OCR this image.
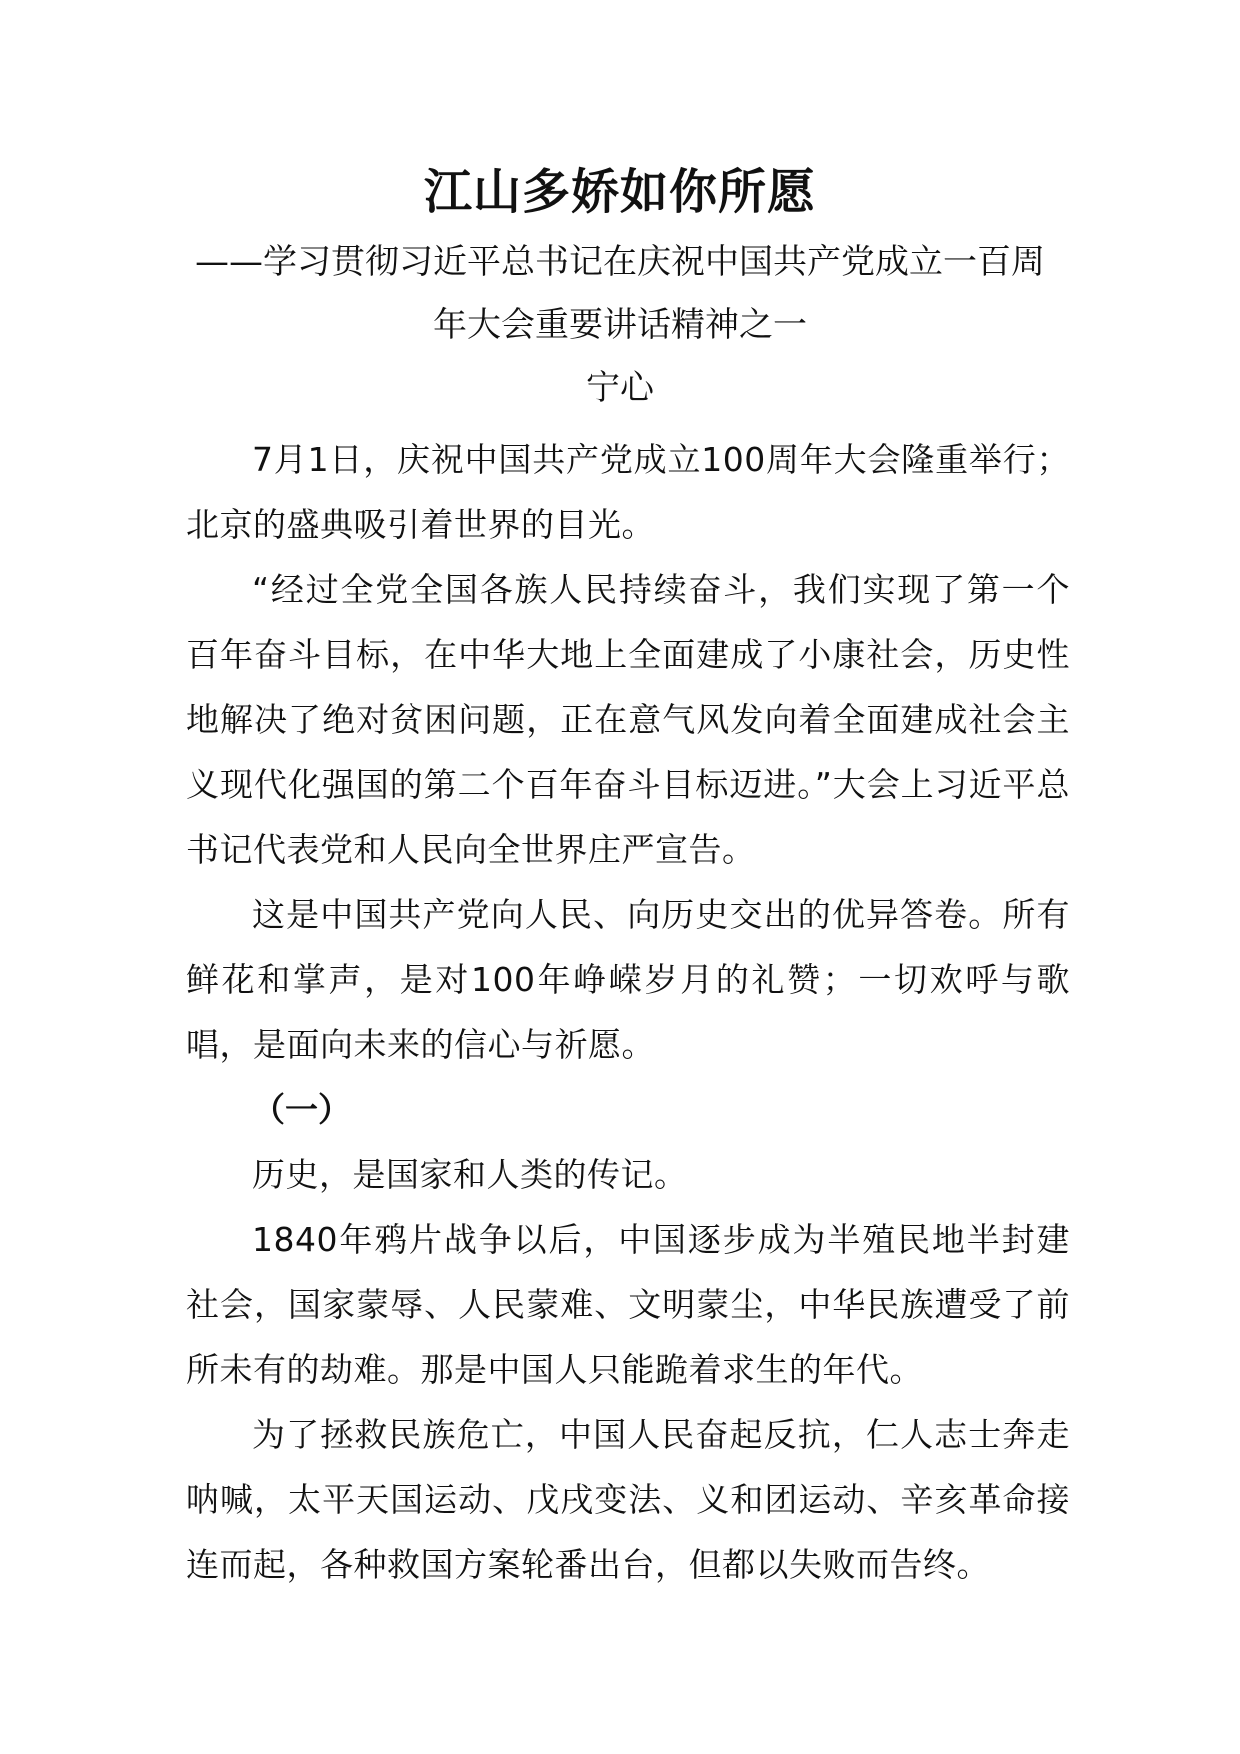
江山多娇如你所愿
——学习贯彻习近平总书记在庆祝中国共产党成立一百周
年大会重要讲话精神之一
宁心

7月1日，庆祝中国共产党成立100周年大会隆重举行；北京的盛典吸引着世界的目光。

“经过全党全国各族人民持续奋斗，我们实现了第一个百年奋斗目标，在中华大地上全面建成了小康社会，历史性地解决了绝对贫困问题，正在意气风发向着全面建成社会主义现代化强国的第二个百年奋斗目标迈进。”大会上习近平总书记代表党和人民向全世界庄严宣告。

这是中国共产党向人民、向历史交出的优异答卷。所有鲜花和掌声，是对100年峥嵘岁月的礼赞；一切欢呼与歌唱，是面向未来的信心与祈愿。

（一）

历史，是国家和人类的传记。

1840年鸦片战争以后，中国逐步成为半殖民地半封建社会，国家蒙辱、人民蒙难、文明蒙尘，中华民族遭受了前所未有的劫难。那是中国人只能跪着求生的年代。

为了拯救民族危亡，中国人民奋起反抗，仁人志士奔走呐喊，太平天国运动、戊戌变法、义和团运动、辛亥革命接连而起，各种救国方案轮番出台，但都以失败而告终。
